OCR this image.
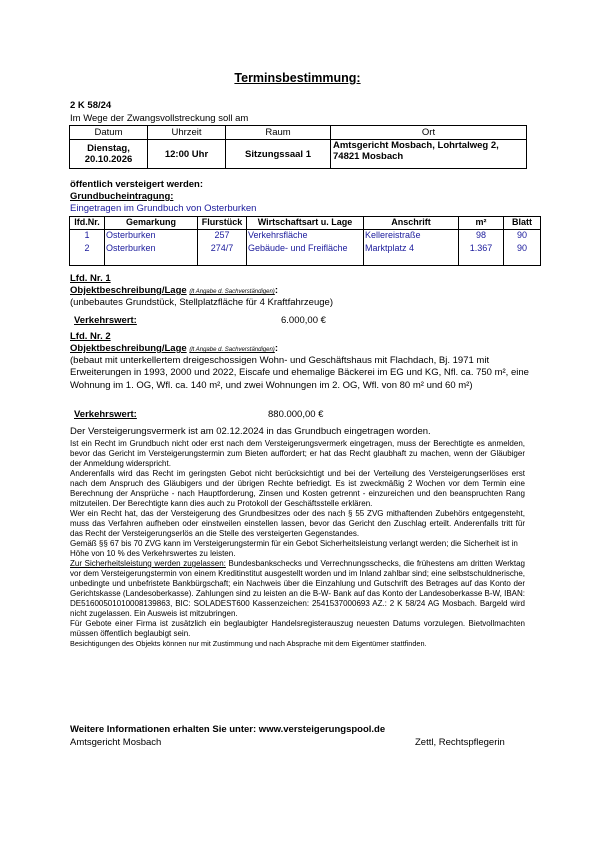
Terminsbestimmung:
2 K 58/24
Im Wege der Zwangsvollstreckung soll am
Datum	Uhrzeit	Raum	Ort
Dienstag, 20.10.2026	12:00 Uhr	Sitzungssaal 1	Amtsgericht Mosbach, Lohrtalweg 2, 74821 Mosbach
öffentlich versteigert werden:
Grundbucheintragung:
Eingetragen im Grundbuch von Osterburken
lfd.Nr.	Gemarkung	Flurstück	Wirtschaftsart u. Lage	Anschrift	m²	Blatt
1	Osterburken	257	Verkehrsfläche	Kellereistraße	98	90
2	Osterburken	274/7	Gebäude- und Freifläche	Marktplatz 4	1.367	90
Lfd. Nr. 1
Objektbeschreibung/Lage (lt Angabe d. Sachverständigen):
(unbebautes Grundstück, Stellplatzfläche für 4 Kraftfahrzeuge)
Verkehrswert:	6.000,00 €
Lfd. Nr. 2
Objektbeschreibung/Lage (lt Angabe d. Sachverständigen):
(bebaut mit unterkellertem dreigeschossigen Wohn- und Geschäftshaus mit Flachdach, Bj. 1971 mit Erweiterungen in 1993, 2000 und 2022, Eiscafe und ehemalige Bäckerei im EG und KG, Nfl. ca. 750 m², eine Wohnung im 1. OG, Wfl. ca. 140 m², und zwei Wohnungen im 2. OG, Wfl. von 80 m² und 60 m²)
Verkehrswert:	880.000,00 €
Der Versteigerungsvermerk ist am 02.12.2024 in das Grundbuch eingetragen worden.
Ist ein Recht im Grundbuch nicht oder erst nach dem Versteigerungsvermerk eingetragen, muss der Berechtigte es anmelden, bevor das Gericht im Versteigerungstermin zum Bieten auffordert; er hat das Recht glaubhaft zu machen, wenn der Gläubiger der Anmeldung widerspricht.
Anderenfalls wird das Recht im geringsten Gebot nicht berücksichtigt und bei der Verteilung des Versteigerungserlöses erst nach dem Anspruch des Gläubigers und der übrigen Rechte befriedigt. Es ist zweckmäßig 2 Wochen vor dem Termin eine Berechnung der Ansprüche - nach Hauptforderung, Zinsen und Kosten getrennt - einzureichen und den beanspruchten Rang mitzuteilen. Der Berechtigte kann dies auch zu Protokoll der Geschäftsstelle erklären.
Wer ein Recht hat, das der Versteigerung des Grundbesitzes oder des nach § 55 ZVG mithaftenden Zubehörs entgegensteht, muss das Verfahren aufheben oder einstweilen einstellen lassen, bevor das Gericht den Zuschlag erteilt. Anderenfalls tritt für das Recht der Versteigerungserlös an die Stelle des versteigerten Gegenstandes.
Gemäß §§ 67 bis 70 ZVG kann im Versteigerungstermin für ein Gebot Sicherheitsleistung verlangt werden; die Sicherheit ist in Höhe von 10 % des Verkehrswertes zu leisten.
Zur Sicherheitsleistung werden zugelassen: Bundesbankschecks und Verrechnungsschecks, die frühestens am dritten Werktag vor dem Versteigerungstermin von einem Kreditinstitut ausgestellt worden und im Inland zahlbar sind; eine selbstschuldnerische, unbedingte und unbefristete Bankbürgschaft; ein Nachweis über die Einzahlung und Gutschrift des Betrages auf das Konto der Gerichtskasse (Landesoberkasse). Zahlungen sind zu leisten an die B-W- Bank auf das Konto der Landesoberkasse B-W, IBAN: DE51600501010008139863, BIC: SOLADEST600 Kassenzeichen: 2541537000693 AZ.: 2 K 58/24 AG Mosbach. Bargeld wird nicht zugelassen. Ein Ausweis ist mitzubringen.
Für Gebote einer Firma ist zusätzlich ein beglaubigter Handelsregisterauszug neuesten Datums vorzulegen. Bietvollmachten müssen öffentlich beglaubigt sein.
Besichtigungen des Objekts können nur mit Zustimmung und nach Absprache mit dem Eigentümer stattfinden.
Weitere Informationen erhalten Sie unter: www.versteigerungspool.de
Amtsgericht Mosbach	Zettl, Rechtspflegerin
